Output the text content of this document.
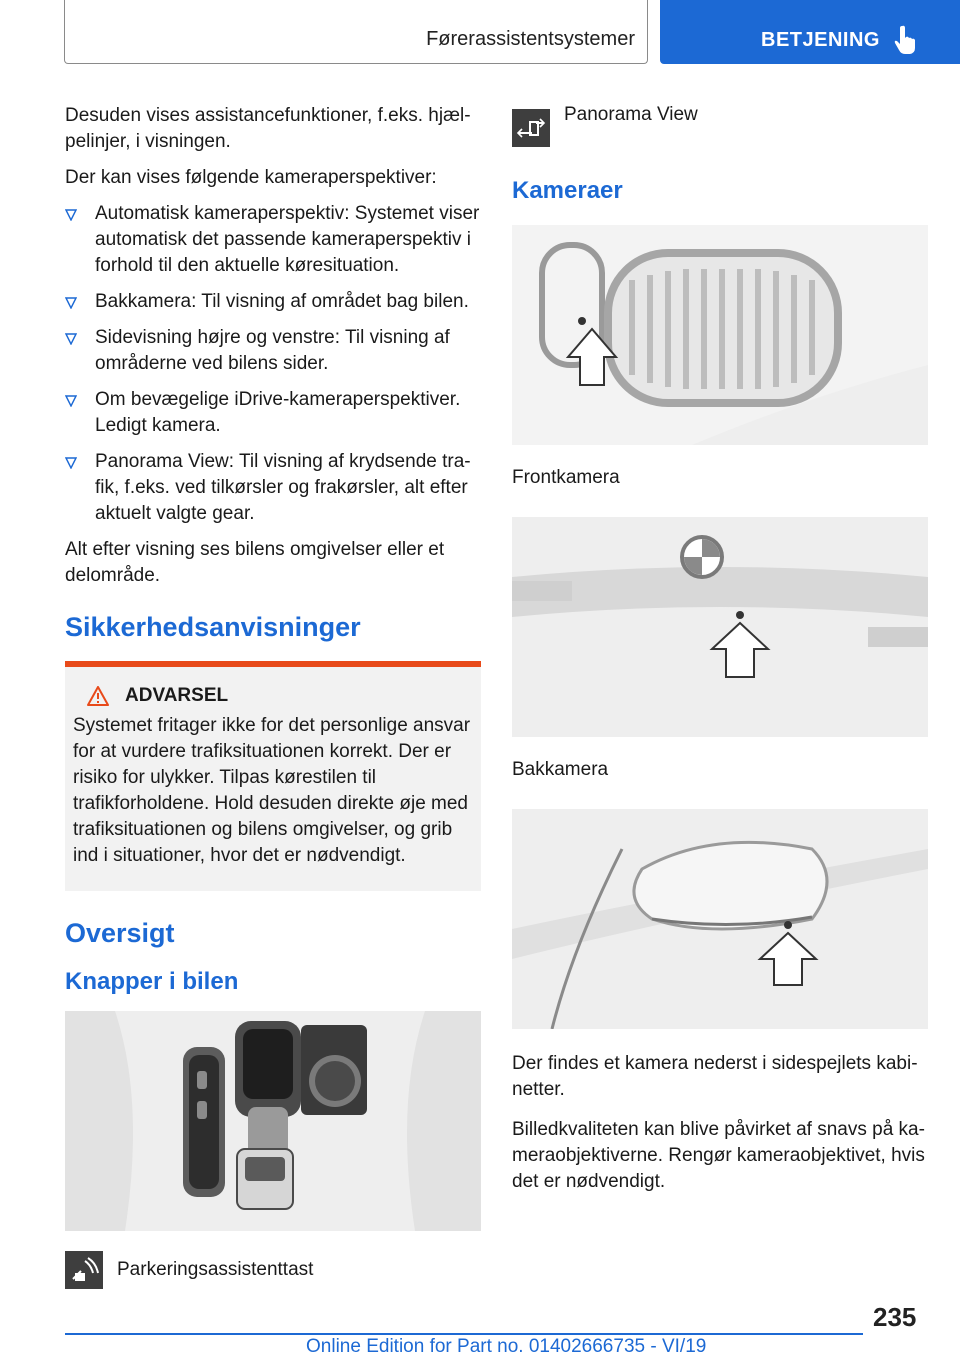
Førerassistentsystemer	BETJENING

Desuden vises assistancefunktioner, f.eks. hjælpelinjer, i visningen.

Der kan vises følgende kameraperspektiver:

Automatisk kameraperspektiv: Systemet viser automatisk det passende kameraperspektiv i forhold til den aktuelle køresituation.
Bakkamera: Til visning af området bag bilen.
Sidevisning højre og venstre: Til visning af områderne ved bilens sider.
Om bevægelige iDrive-kameraperspektiver. Ledigt kamera.
Panorama View: Til visning af krydsende trafik, f.eks. ved tilkørsler og frakørsler, alt efter aktuelt valgte gear.

Alt efter visning ses bilens omgivelser eller et delområde.

Sikkerhedsanvisninger
ADVARSEL
Systemet fritager ikke for det personlige ansvar for at vurdere trafiksituationen korrekt. Der er risiko for ulykker. Tilpas kørestilen til trafikforholdene. Hold desuden direkte øje med trafiksituationen og bilens omgivelser, og grib ind i situationer, hvor det er nødvendigt.
Oversigt
Knapper i bilen
Parkeringsassistenttast
Panorama View
Kameraer

Frontkamera

Bakkamera

Der findes et kamera nederst i sidespejlets kabinetter.

Billedkvaliteten kan blive påvirket af snavs på kameraobjektiverne. Rengør kameraobjektivet, hvis det er nødvendigt.

235
Online Edition for Part no. 01402666735 - VI/19
